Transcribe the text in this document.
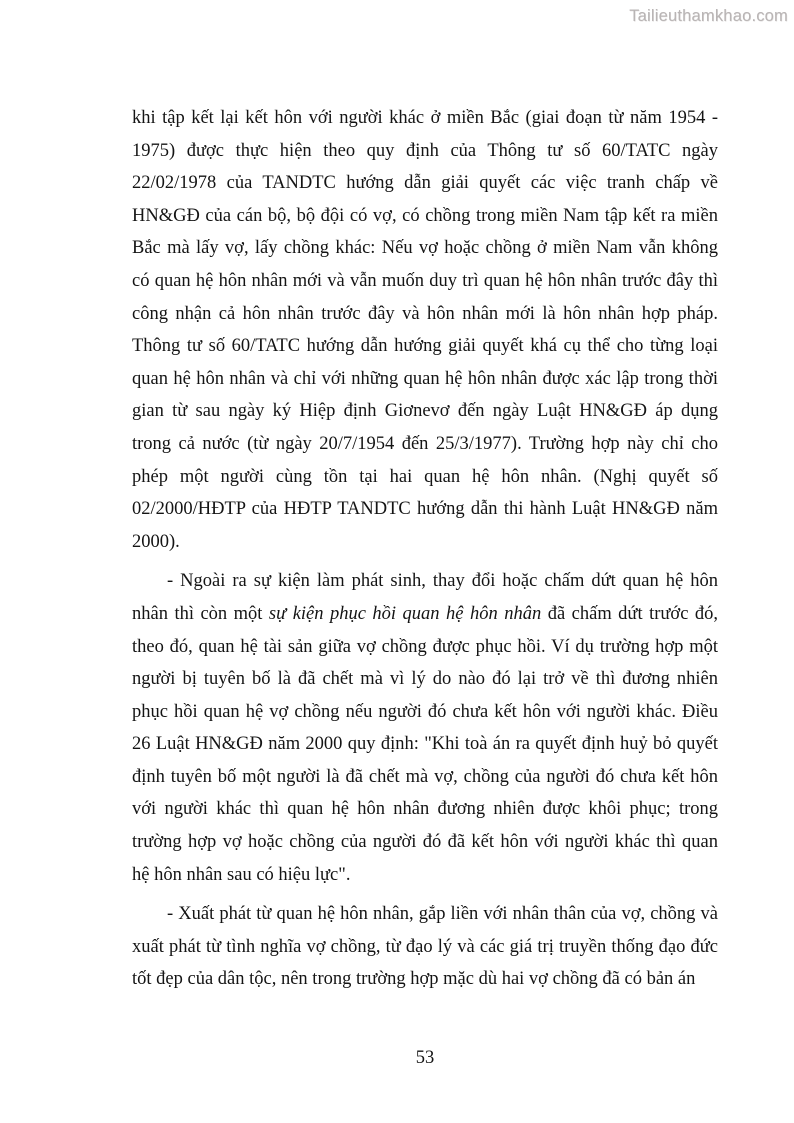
Tailieuthamkhao.com
khi tập kết lại kết hôn với người khác ở miền Bắc (giai đoạn từ năm 1954 -
1975) được thực hiện theo quy định của Thông tư số 60/TATC ngày
22/02/1978 của TANDTC hướng dẫn giải quyết các việc tranh chấp về
HN&GĐ của cán bộ, bộ đội có vợ, có chồng trong miền Nam tập kết ra miền
Bắc mà lấy vợ, lấy chồng khác: Nếu vợ hoặc chồng ở miền Nam vẫn không
có quan hệ hôn nhân mới và vẫn muốn duy trì quan hệ hôn nhân trước đây thì
công nhận cả hôn nhân trước đây và hôn nhân mới là hôn nhân hợp pháp.
Thông tư số 60/TATC hướng dẫn hướng giải quyết khá cụ thể cho từng loại
quan hệ hôn nhân và chỉ với những quan hệ hôn nhân được xác lập trong thời
gian từ sau ngày ký Hiệp định Giơnevơ đến ngày Luật HN&GĐ áp dụng
trong cả nước (từ ngày 20/7/1954 đến 25/3/1977). Trường hợp này chỉ cho
phép một người cùng tồn tại hai quan hệ hôn nhân. (Nghị quyết số
02/2000/HĐTP của HĐTP TANDTC hướng dẫn thi hành Luật HN&GĐ năm
2000).
- Ngoài ra sự kiện làm phát sinh, thay đổi hoặc chấm dứt quan hệ hôn
nhân thì còn một sự kiện phục hồi quan hệ hôn nhân đã chấm dứt trước đó,
theo đó, quan hệ tài sản giữa vợ chồng được phục hồi. Ví dụ trường hợp một
người bị tuyên bố là đã chết mà vì lý do nào đó lại trở về thì đương nhiên
phục hồi quan hệ vợ chồng nếu người đó chưa kết hôn với người khác. Điều
26 Luật HN&GĐ năm 2000 quy định: "Khi toà án ra quyết định huỷ bỏ quyết
định tuyên bố một người là đã chết mà vợ, chồng của người đó chưa kết hôn
với người khác thì quan hệ hôn nhân đương nhiên được khôi phục; trong
trường hợp vợ hoặc chồng của người đó đã kết hôn với người khác thì quan
hệ hôn nhân sau có hiệu lực".
- Xuất phát từ quan hệ hôn nhân, gắp liền với nhân thân của vợ, chồng và
xuất phát từ tình nghĩa vợ chồng, từ đạo lý và các giá trị truyền thống đạo đức
tốt đẹp của dân tộc, nên trong trường hợp mặc dù hai vợ chồng đã có bản án
53
